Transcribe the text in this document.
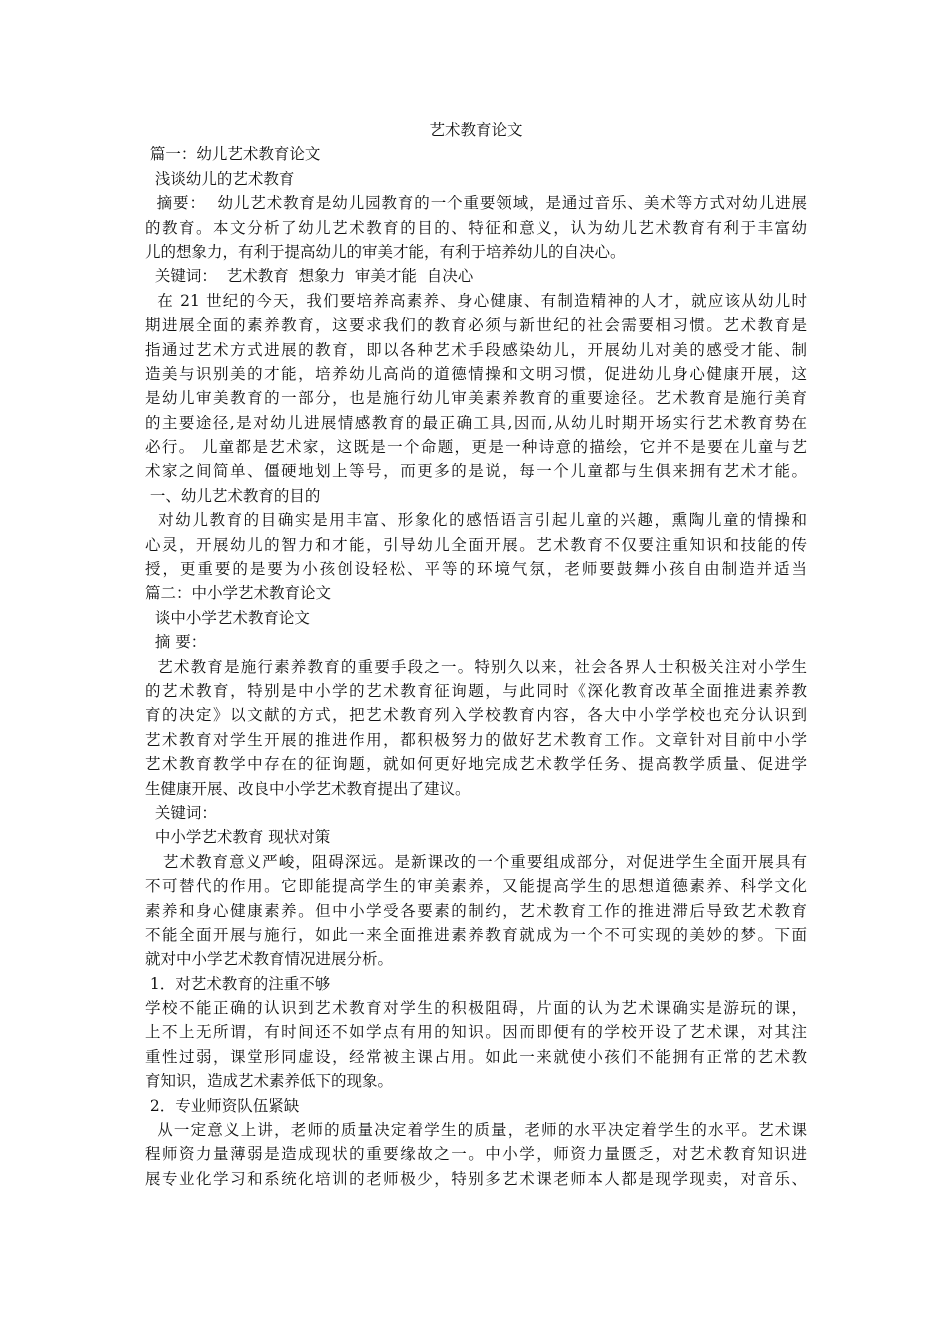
艺术教育论文
篇一：幼儿艺术教育论文
浅谈幼儿的艺术教育
摘要：  幼儿艺术教育是幼儿园教育的一个重要领域，是通过音乐、美术等方式对幼儿进展
的教育。本文分析了幼儿艺术教育的目的、特征和意义，认为幼儿艺术教育有利于丰富幼
儿的想象力，有利于提高幼儿的审美才能，有利于培养幼儿的自决心。
关键词：  艺术教育  想象力  审美才能  自决心
在 21 世纪的今天，我们要培养高素养、身心健康、有制造精神的人才，就应该从幼儿时
期进展全面的素养教育，这要求我们的教育必须与新世纪的社会需要相习惯。艺术教育是
指通过艺术方式进展的教育，即以各种艺术手段感染幼儿，开展幼儿对美的感受才能、制
造美与识别美的才能，培养幼儿高尚的道德情操和文明习惯，促进幼儿身心健康开展，这
是幼儿审美教育的一部分，也是施行幼儿审美素养教育的重要途径。艺术教育是施行美育
的主要途径,是对幼儿进展情感教育的最正确工具,因而,从幼儿时期开场实行艺术教育势在
必行。 儿童都是艺术家，这既是一个命题，更是一种诗意的描绘，它并不是要在儿童与艺
术家之间简单、僵硬地划上等号，而更多的是说，每一个儿童都与生俱来拥有艺术才能。
一、幼儿艺术教育的目的
对幼儿教育的目确实是用丰富、形象化的感悟语言引起儿童的兴趣，熏陶儿童的情操和
心灵，开展幼儿的智力和才能，引导幼儿全面开展。艺术教育不仅要注重知识和技能的传
授，更重要的是要为小孩创设轻松、平等的环境气氛，老师要鼓舞小孩自由制造并适当
篇二：中小学艺术教育论文
谈中小学艺术教育论文
摘 要：
艺术教育是施行素养教育的重要手段之一。特别久以来，社会各界人士积极关注对小学生
的艺术教育，特别是中小学的艺术教育征询题，与此同时《深化教育改革全面推进素养教
育的决定》以文献的方式，把艺术教育列入学校教育内容，各大中小学学校也充分认识到
艺术教育对学生开展的推进作用，都积极努力的做好艺术教育工作。文章针对目前中小学
艺术教育教学中存在的征询题，就如何更好地完成艺术教学任务、提高教学质量、促进学
生健康开展、改良中小学艺术教育提出了建议。
关键词：
中小学艺术教育 现状对策
艺术教育意义严峻，阻碍深远。是新课改的一个重要组成部分，对促进学生全面开展具有
不可替代的作用。它即能提高学生的审美素养，又能提高学生的思想道德素养、科学文化
素养和身心健康素养。但中小学受各要素的制约，艺术教育工作的推进滞后导致艺术教育
不能全面开展与施行，如此一来全面推进素养教育就成为一个不可实现的美妙的梦。下面
就对中小学艺术教育情况进展分析。
1．对艺术教育的注重不够
学校不能正确的认识到艺术教育对学生的积极阻碍，片面的认为艺术课确实是游玩的课，
上不上无所谓，有时间还不如学点有用的知识。因而即便有的学校开设了艺术课，对其注
重性过弱，课堂形同虚设，经常被主课占用。如此一来就使小孩们不能拥有正常的艺术教
育知识，造成艺术素养低下的现象。
2．专业师资队伍紧缺
从一定意义上讲，老师的质量决定着学生的质量，老师的水平决定着学生的水平。艺术课
程师资力量薄弱是造成现状的重要缘故之一。中小学，师资力量匮乏，对艺术教育知识进
展专业化学习和系统化培训的老师极少，特别多艺术课老师本人都是现学现卖，对音乐、
